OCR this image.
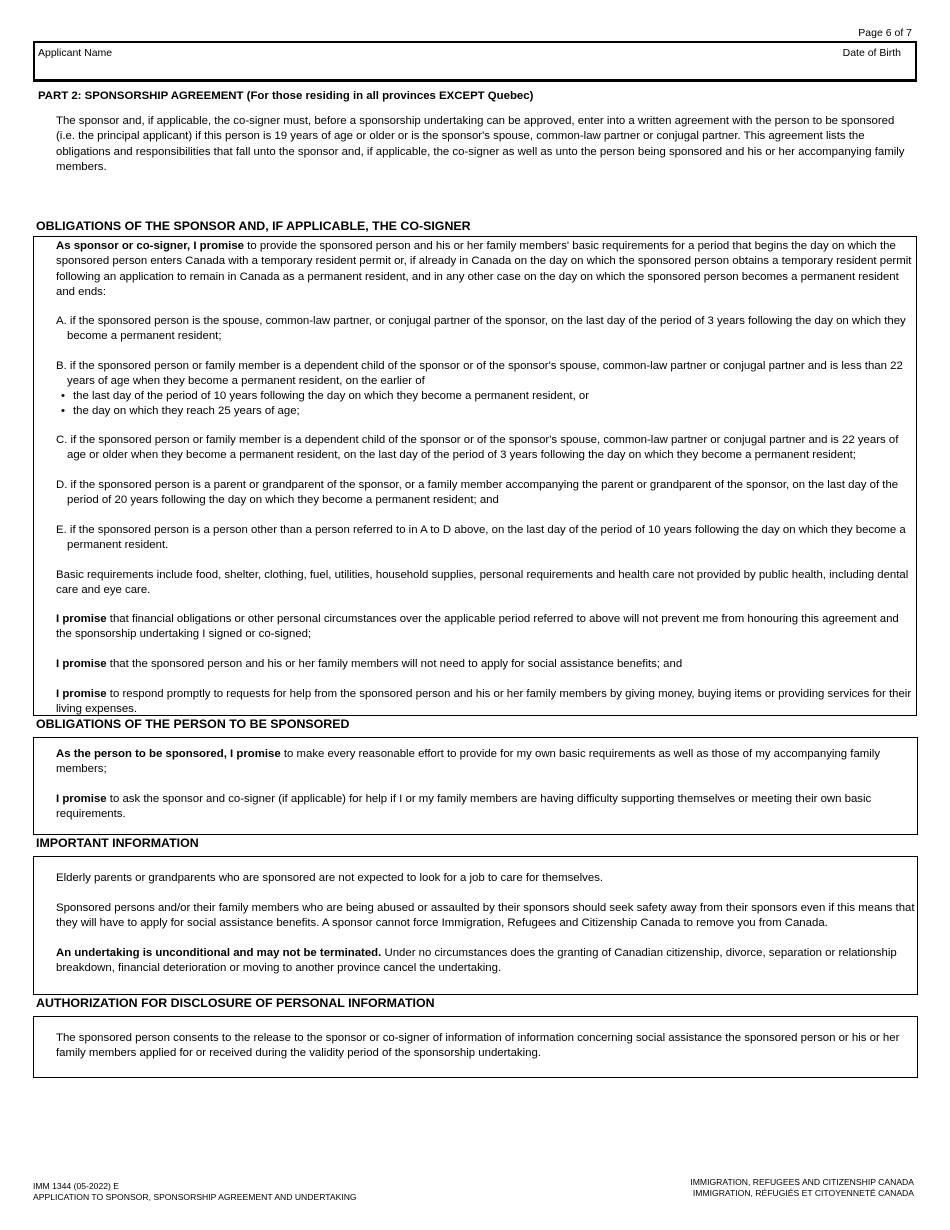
Page 6 of 7
Applicant Name	Date of Birth
PART 2: SPONSORSHIP AGREEMENT (For those residing in all provinces EXCEPT Quebec)
The sponsor and, if applicable, the co-signer must, before a sponsorship undertaking can be approved, enter into a written agreement with the person to be sponsored (i.e. the principal applicant) if this person is 19 years of age or older or is the sponsor's spouse, common-law partner or conjugal partner. This agreement lists the obligations and responsibilities that fall unto the sponsor and, if applicable, the co-signer as well as unto the person being sponsored and his or her accompanying family members.
OBLIGATIONS OF THE SPONSOR AND, IF APPLICABLE, THE CO-SIGNER
As sponsor or co-signer, I promise to provide the sponsored person and his or her family members' basic requirements for a period that begins the day on which the sponsored person enters Canada with a temporary resident permit or, if already in Canada on the day on which the sponsored person obtains a temporary resident permit following an application to remain in Canada as a permanent resident, and in any other case on the day on which the sponsored person becomes a permanent resident and ends:
A. if the sponsored person is the spouse, common-law partner, or conjugal partner of the sponsor, on the last day of the period of 3 years following the day on which they become a permanent resident;
B. if the sponsored person or family member is a dependent child of the sponsor or of the sponsor's spouse, common-law partner or conjugal partner and is less than 22 years of age when they become a permanent resident, on the earlier of
• the last day of the period of 10 years following the day on which they become a permanent resident, or
• the day on which they reach 25 years of age;
C. if the sponsored person or family member is a dependent child of the sponsor or of the sponsor's spouse, common-law partner or conjugal partner and is 22 years of age or older when they become a permanent resident, on the last day of the period of 3 years following the day on which they become a permanent resident;
D. if the sponsored person is a parent or grandparent of the sponsor, or a family member accompanying the parent or grandparent of the sponsor, on the last day of the period of 20 years following the day on which they become a permanent resident; and
E. if the sponsored person is a person other than a person referred to in A to D above, on the last day of the period of 10 years following the day on which they become a permanent resident.
Basic requirements include food, shelter, clothing, fuel, utilities, household supplies, personal requirements and health care not provided by public health, including dental care and eye care.
I promise that financial obligations or other personal circumstances over the applicable period referred to above will not prevent me from honouring this agreement and the sponsorship undertaking I signed or co-signed;
I promise that the sponsored person and his or her family members will not need to apply for social assistance benefits; and
I promise to respond promptly to requests for help from the sponsored person and his or her family members by giving money, buying items or providing services for their living expenses.
OBLIGATIONS OF THE PERSON TO BE SPONSORED
As the person to be sponsored, I promise to make every reasonable effort to provide for my own basic requirements as well as those of my accompanying family members;
I promise to ask the sponsor and co-signer (if applicable) for help if I or my family members are having difficulty supporting themselves or meeting their own basic requirements.
IMPORTANT INFORMATION
Elderly parents or grandparents who are sponsored are not expected to look for a job to care for themselves.
Sponsored persons and/or their family members who are being abused or assaulted by their sponsors should seek safety away from their sponsors even if this means that they will have to apply for social assistance benefits. A sponsor cannot force Immigration, Refugees and Citizenship Canada to remove you from Canada.
An undertaking is unconditional and may not be terminated. Under no circumstances does the granting of Canadian citizenship, divorce, separation or relationship breakdown, financial deterioration or moving to another province cancel the undertaking.
AUTHORIZATION FOR DISCLOSURE OF PERSONAL INFORMATION
The sponsored person consents to the release to the sponsor or co-signer of information of information concerning social assistance the sponsored person or his or her family members applied for or received during the validity period of the sponsorship undertaking.
IMM 1344 (05-2022) E
APPLICATION TO SPONSOR, SPONSORSHIP AGREEMENT AND UNDERTAKING
IMMIGRATION, REFUGEES AND CITIZENSHIP CANADA
IMMIGRATION, RÉFUGIÉS ET CITOYENNETÉ CANADA
